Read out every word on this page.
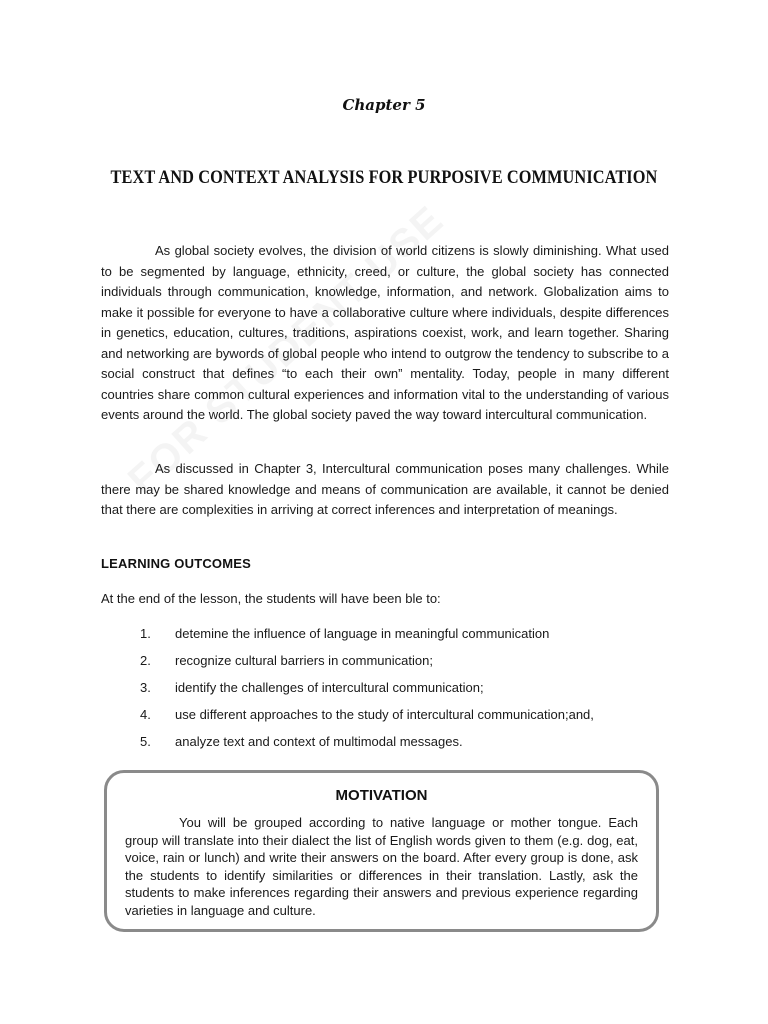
Chapter 5
TEXT AND CONTEXT ANALYSIS FOR PURPOSIVE COMMUNICATION

As global society evolves, the division of world citizens is slowly diminishing. What used to be segmented by language, ethnicity, creed, or culture, the global society has connected individuals through communication, knowledge, information, and network. Globalization aims to make it possible for everyone to have a collaborative culture where individuals, despite differences in genetics, education, cultures, traditions, aspirations coexist, work, and learn together. Sharing and networking are bywords of global people who intend to outgrow the tendency to subscribe to a social construct that defines “to each their own” mentality. Today, people in many different countries share common cultural experiences and information vital to the understanding of various events around the world. The global society paved the way toward intercultural communication.

As discussed in Chapter 3, Intercultural communication poses many challenges. While there may be shared knowledge and means of communication are available, it cannot be denied that there are complexities in arriving at correct inferences and interpretation of meanings.

LEARNING OUTCOMES
At the end of the lesson, the students will have been ble to:
1.	detemine the influence of language in meaningful communication
2.	recognize cultural barriers in communication;
3.	identify the challenges of intercultural communication;
4.	use different approaches to the study of intercultural communication;and,
5.	analyze text and context of multimodal messages.
MOTIVATION

You will be grouped according to native language or mother tongue. Each group will translate into their dialect the list of English words given to them (e.g. dog, eat, voice, rain or lunch) and write their answers on the board. After every group is done, ask the students to identify similarities or differences in their translation. Lastly, ask the students to make inferences regarding their answers and previous experience regarding varieties in language and culture.
